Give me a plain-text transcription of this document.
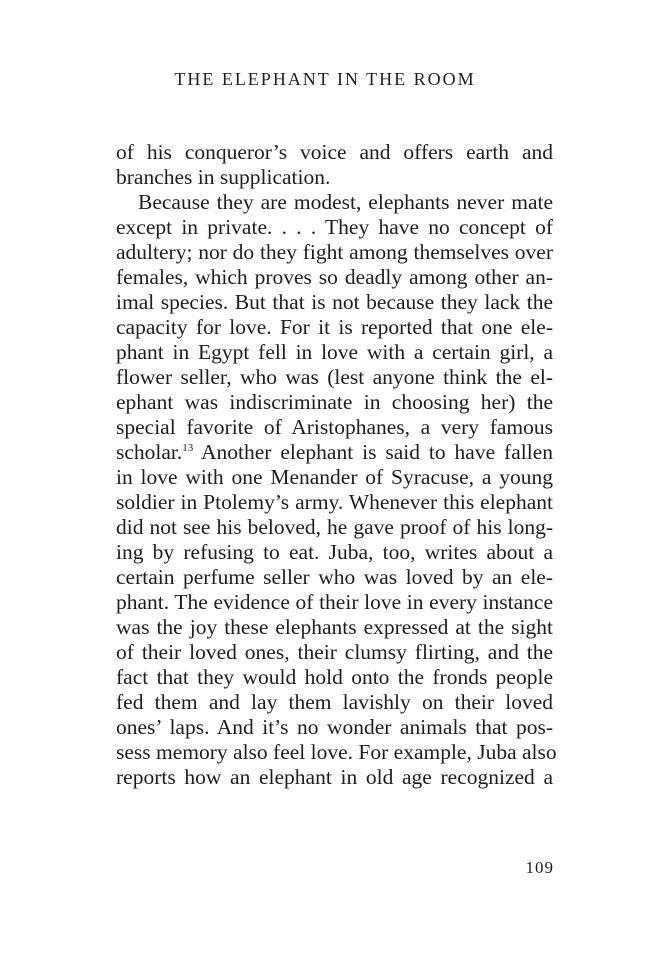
THE ELEPHANT IN THE ROOM
of his conqueror’s voice and offers earth and
branches in supplication.
Because they are modest, elephants never mate
except in private. . . . They have no concept of
adultery; nor do they fight among themselves over
females, which proves so deadly among other an-
imal species. But that is not because they lack the
capacity for love. For it is reported that one ele-
phant in Egypt fell in love with a certain girl, a
flower seller, who was (lest anyone think the el-
ephant was indiscriminate in choosing her) the
special favorite of Aristophanes, a very famous
scholar.$^{13}$ Another elephant is said to have fallen
in love with one Menander of Syracuse, a young
soldier in Ptolemy’s army. Whenever this elephant
did not see his beloved, he gave proof of his long-
ing by refusing to eat. Juba, too, writes about a
certain perfume seller who was loved by an ele-
phant. The evidence of their love in every instance
was the joy these elephants expressed at the sight
of their loved ones, their clumsy flirting, and the
fact that they would hold onto the fronds people
fed them and lay them lavishly on their loved
ones’ laps. And it’s no wonder animals that pos-
sess memory also feel love. For example, Juba also
reports how an elephant in old age recognized a
109
